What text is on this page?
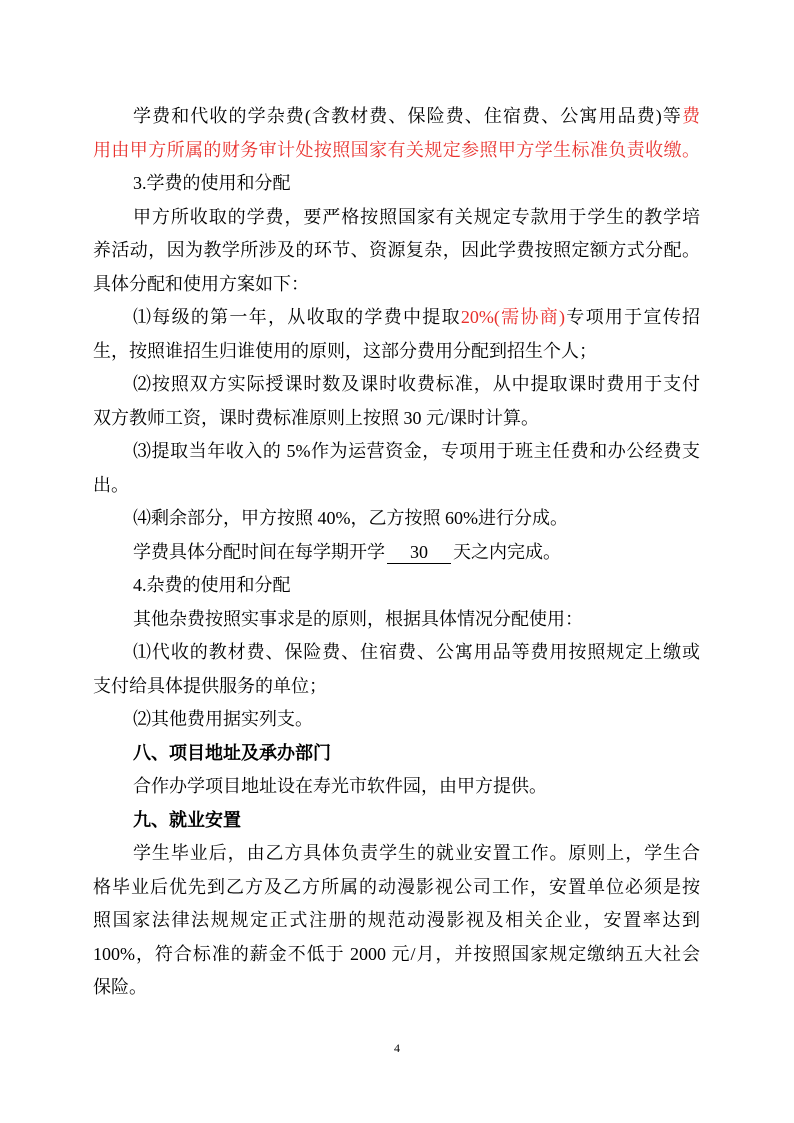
学费和代收的学杂费(含教材费、保险费、住宿费、公寓用品费)等费
用由甲方所属的财务审计处按照国家有关规定参照甲方学生标准负责收缴。
3.学费的使用和分配
甲方所收取的学费，要严格按照国家有关规定专款用于学生的教学培
养活动，因为教学所涉及的环节、资源复杂，因此学费按照定额方式分配。
具体分配和使用方案如下：
⑴每级的第一年，从收取的学费中提取20%(需协商)专项用于宣传招
生，按照谁招生归谁使用的原则，这部分费用分配到招生个人；
⑵按照双方实际授课时数及课时收费标准，从中提取课时费用于支付
双方教师工资，课时费标准原则上按照 30 元/课时计算。
⑶提取当年收入的 5%作为运营资金，专项用于班主任费和办公经费支
出。
⑷剩余部分，甲方按照 40%，乙方按照 60%进行分成。
学费具体分配时间在每学期开学 30 天之内完成。
4.杂费的使用和分配
其他杂费按照实事求是的原则，根据具体情况分配使用：
⑴代收的教材费、保险费、住宿费、公寓用品等费用按照规定上缴或
支付给具体提供服务的单位；
⑵其他费用据实列支。
八、项目地址及承办部门
合作办学项目地址设在寿光市软件园，由甲方提供。
九、就业安置
学生毕业后，由乙方具体负责学生的就业安置工作。原则上，学生合
格毕业后优先到乙方及乙方所属的动漫影视公司工作，安置单位必须是按
照国家法律法规规定正式注册的规范动漫影视及相关企业，安置率达到
100%，符合标准的薪金不低于 2000 元/月，并按照国家规定缴纳五大社会
保险。
4
